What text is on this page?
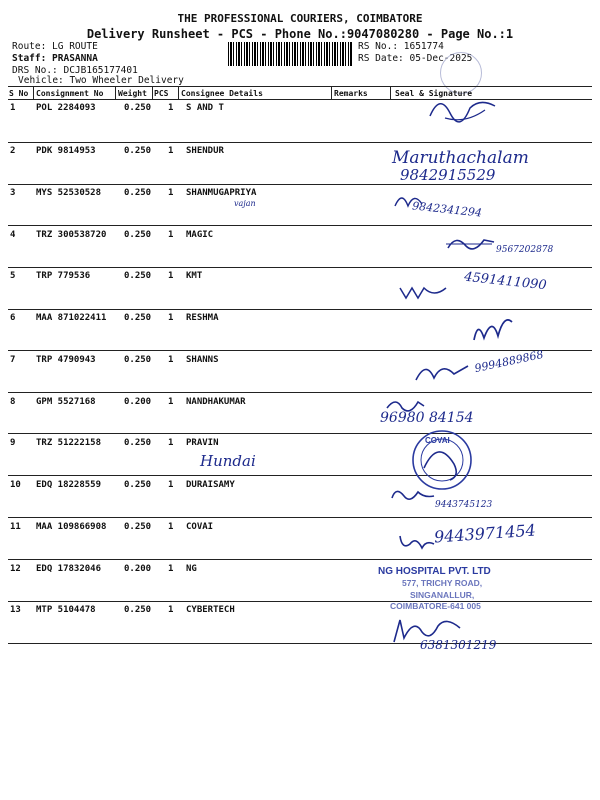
THE PROFESSIONAL COURIERS, COIMBATORE
Delivery Runsheet - PCS - Phone No.:9047080280 - Page No.:1
Route: LG ROUTE
Staff: PRASANNA
DRS No.: DCJB165177401
Vehicle: Two Wheeler Delivery
RS No.: 1651774
RS Date: 05-Dec-2025
S No Consignment No Weight PCS Consignee Details	Remarks	Seal & Signature
1 POL 2284093	0.250 1 S AND T
2 PDK 9814953	0.250 1 SHENDUR
3 MYS 52530528	0.250 1 SHANMUGAPRIYA
4 TRZ 300538720 0.250 1 MAGIC
5 TRP 779536	0.250 1 KMT
6 MAA 871022411 0.250 1 RESHMA
7 TRP 4790943	0.250 1 SHANNS
8 GPM 5527168	0.200 1 NANDHAKUMAR
9 TRZ 51222158	0.250 1 PRAVIN
10 EDQ 18228559	0.250 1 DURAISAMY
11 MAA 109866908 0.250 1 COVAI
12 EDQ 17832046	0.200 1 NG
13 MTP 5104478	0.250 1 CYBERTECH
Maruthachalam
9842915529
vajan	9842341294
9567202878
4591411090
9994889868
96980 84154
Hundai
COVAI
9443745123
9443971454
NG HOSPITAL PVT. LTD
577, TRICHY ROAD,
SINGANALLUR,
COIMBATORE-641 005
6381301219
